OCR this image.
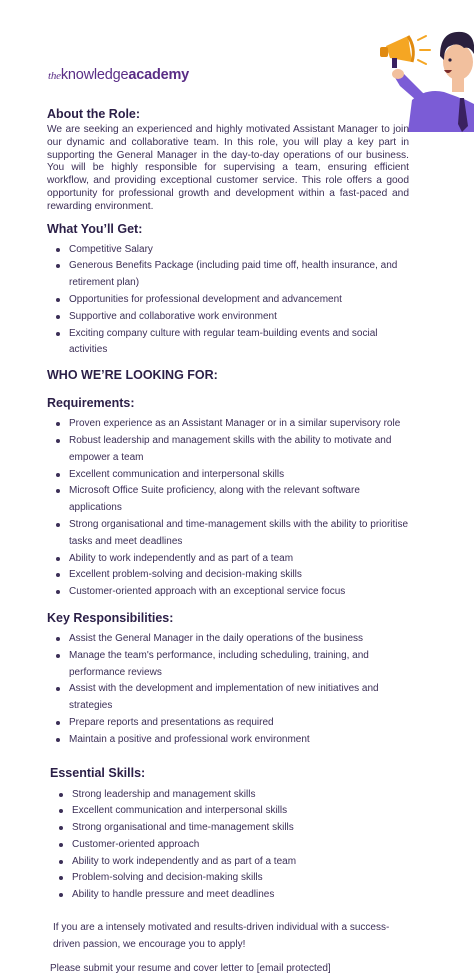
theknowledgeacademy
About the Role:

We are seeking an experienced and highly motivated Assistant Manager to join our dynamic and collaborative team. In this role, you will play a key part in supporting the General Manager in the day-to-day operations of our business. You will be highly responsible for supervising a team, ensuring efficient workflow, and providing exceptional customer service. This role offers a good opportunity for professional growth and development within a fast-paced and rewarding environment.

What You’ll Get:
Competitive Salary
Generous Benefits Package (including paid time off, health insurance, and retirement plan)
Opportunities for professional development and advancement
Supportive and collaborative work environment
Exciting company culture with regular team-building events and social activities
WHO WE’RE LOOKING FOR:
Requirements:
Proven experience as an Assistant Manager or in a similar supervisory role
Robust leadership and management skills with the ability to motivate and empower a team
Excellent communication and interpersonal skills
Microsoft Office Suite proficiency, along with the relevant software applications
Strong organisational and time-management skills with the ability to prioritise tasks and meet deadlines
Ability to work independently and as part of a team
Excellent problem-solving and decision-making skills
Customer-oriented approach with an exceptional service focus
Key Responsibilities:
Assist the General Manager in the daily operations of the business
Manage the team's performance, including scheduling, training, and performance reviews
Assist with the development and implementation of new initiatives and strategies
Prepare reports and presentations as required
Maintain a positive and professional work environment
Essential Skills:
Strong leadership and management skills
Excellent communication and interpersonal skills
Strong organisational and time-management skills
Customer-oriented approach
Ability to work independently and as part of a team
Problem-solving and decision-making skills
Ability to handle pressure and meet deadlines

If you are a intensely motivated and results-driven individual with a success-driven passion, we encourage you to apply!

Please submit your resume and cover letter to [email protected]
